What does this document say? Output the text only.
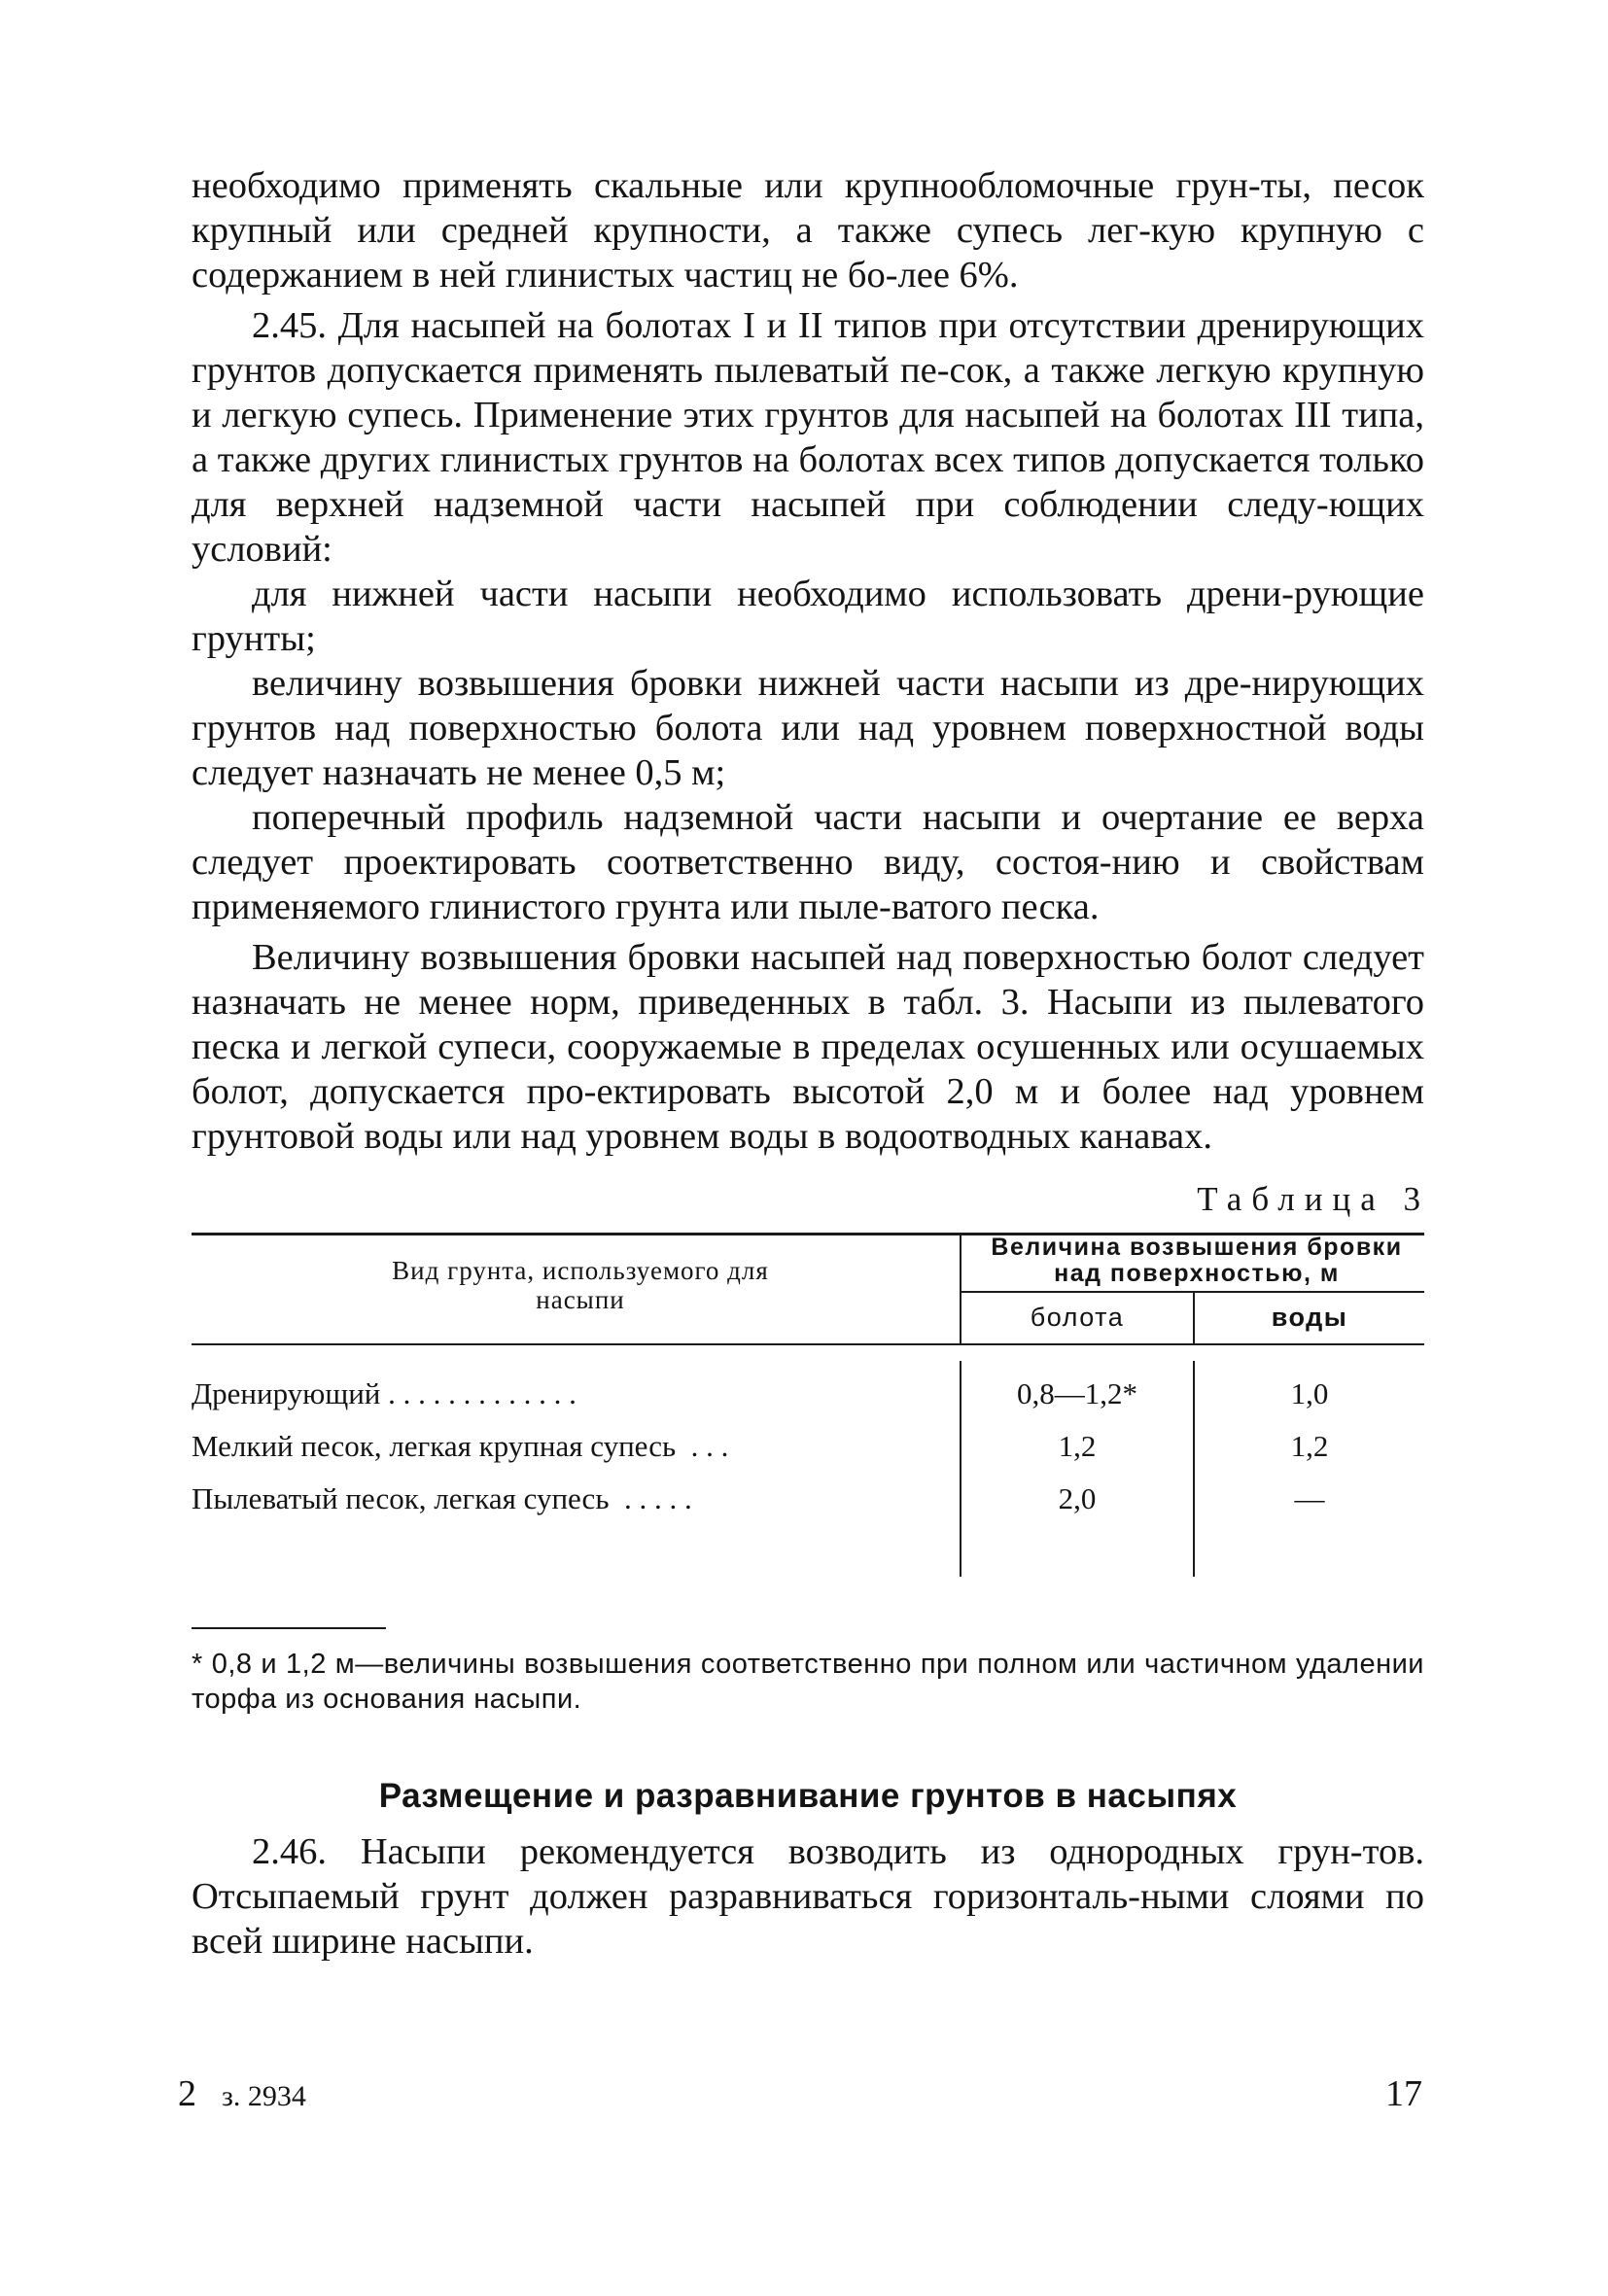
необходимо применять скальные или крупнообломочные грун-ты, песок крупный или средней крупности, а также супесь лег-кую крупную с содержанием в ней глинистых частиц не бо-лее 6%.

2.45. Для насыпей на болотах I и II типов при отсутствии дренирующих грунтов допускается применять пылеватый пе-сок, а также легкую крупную и легкую супесь. Применение этих грунтов для насыпей на болотах III типа, а также других глинистых грунтов на болотах всех типов допускается только для верхней надземной части насыпей при соблюдении следу-ющих условий:

для нижней части насыпи необходимо использовать дрени-рующие грунты;

величину возвышения бровки нижней части насыпи из дре-нирующих грунтов над поверхностью болота или над уровнем поверхностной воды следует назначать не менее 0,5 м;

поперечный профиль надземной части насыпи и очертание ее верха следует проектировать соответственно виду, состоя-нию и свойствам применяемого глинистого грунта или пыле-ватого песка.

Величину возвышения бровки насыпей над поверхностью болот следует назначать не менее норм, приведенных в табл. 3. Насыпи из пылеватого песка и легкой супеси, сооружаемые в пределах осушенных или осушаемых болот, допускается про-ектировать высотой 2,0 м и более над уровнем грунтовой воды или над уровнем воды в водоотводных канавах.

Таблица 3
Вид грунта, используемого для насыпи
Величина возвышения бровки над поверхностью, м
болота	воды
Дренирующий . . . . . . . . . . . . .	0,8—1,2*	1,0
Мелкий песок, легкая крупная супесь  . . .	1,2	1,2
Пылеватый песок, легкая супесь  . . . . .	2,0	—
* 0,8 и 1,2 м—величины возвышения соответственно при полном или частичном удалении торфа из основания насыпи.
Размещение и разравнивание грунтов в насыпях

2.46. Насыпи рекомендуется возводить из однородных грун-тов. Отсыпаемый грунт должен разравниваться горизонталь-ными слоями по всей ширине насыпи.

2 з. 2934	17
